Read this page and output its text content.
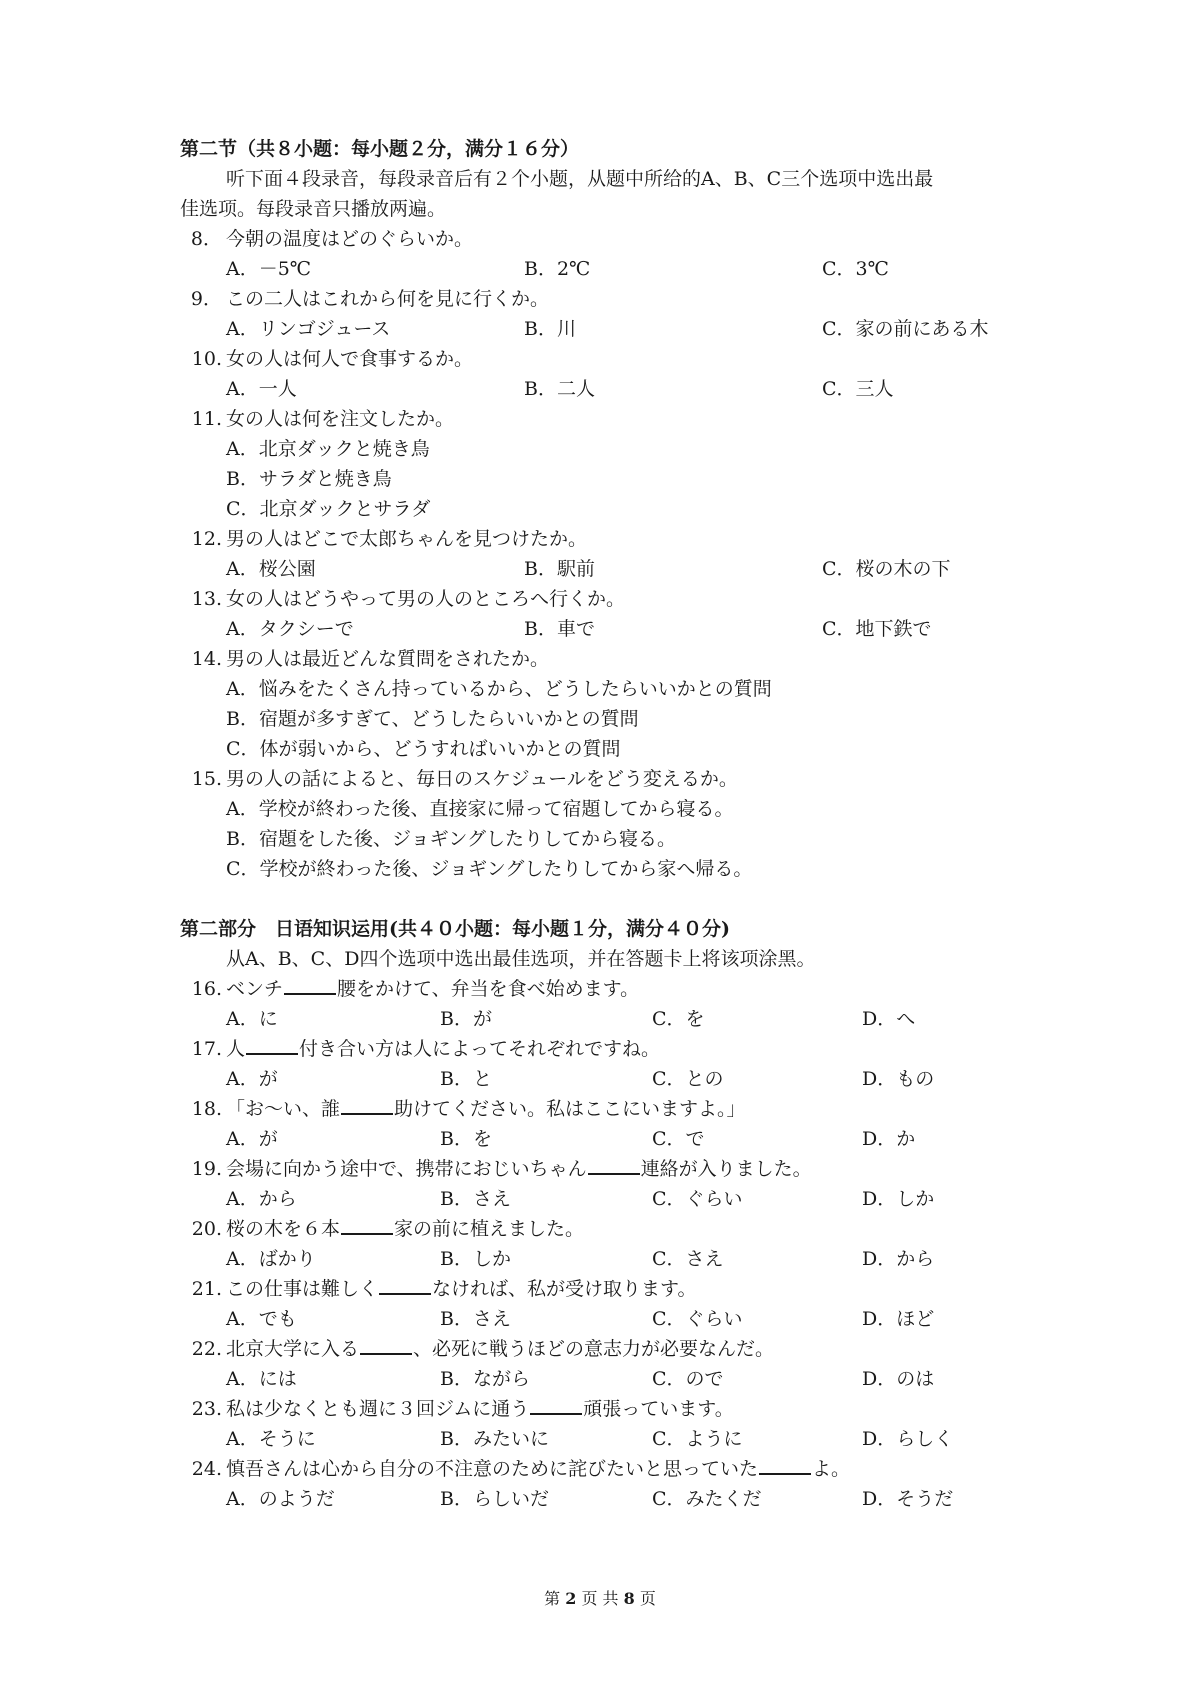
第二节（共８小题：每小题２分，满分１６分）
听下面４段录音，每段录音后有２个小题，从题中所给的A、B、C三个选项中选出最
佳选项。每段录音只播放两遍。
8． 今朝の温度はどのぐらいか。
A．－5℃	B．2℃	C．3℃
9． この二人はこれから何を見に行くか。
A．リンゴジュース	B．川	C．家の前にある木
10. 女の人は何人で食事するか。
A．一人	B．二人	C．三人
11. 女の人は何を注文したか。
A．北京ダックと焼き鳥
B．サラダと焼き鳥
C．北京ダックとサラダ
12. 男の人はどこで太郎ちゃんを見つけたか。
A．桜公園	B．駅前	C．桜の木の下
13. 女の人はどうやって男の人のところへ行くか。
A．タクシーで	B．車で	C．地下鉄で
14. 男の人は最近どんな質問をされたか。
A．悩みをたくさん持っているから、どうしたらいいかとの質問
B．宿題が多すぎて、どうしたらいいかとの質問
C．体が弱いから、どうすればいいかとの質問
15. 男の人の話によると、毎日のスケジュールをどう変えるか。
A．学校が終わった後、直接家に帰って宿題してから寝る。
B．宿題をした後、ジョギングしたりしてから寝る。
C．学校が終わった後、ジョギングしたりしてから家へ帰る。
第二部分　日语知识运用(共４０小题：每小题１分，满分４０分)
从A、B、C、D四个选项中选出最佳选项，并在答题卡上将该项涂黑。
16. ベンチ	腰をかけて、弁当を食べ始めます。
A．に	B．が	C．を	D．へ
17. 人	付き合い方は人によってそれぞれですね。
A．が	B．と	C．との	D．もの
18. 「お～い、誰	助けてください。私はここにいますよ。」
A．が	B．を	C．で	D．か
19. 会場に向かう途中で、携帯におじいちゃん	連絡が入りました。
A．から	B．さえ	C．ぐらい	D．しか
20. 桜の木を６本	家の前に植えました。
A．ばかり	B．しか	C．さえ	D．から
21. この仕事は難しく	なければ、私が受け取ります。
A．でも	B．さえ	C．ぐらい	D．ほど
22. 北京大学に入る	、必死に戦うほどの意志力が必要なんだ。
A．には	B．ながら	C．ので	D．のは
23. 私は少なくとも週に３回ジムに通う	頑張っています。
A．そうに	B．みたいに	C．ように	D．らしく
24. 慎吾さんは心から自分の不注意のために詫びたいと思っていた	よ。
A．のようだ	B．らしいだ	C．みたくだ	D．そうだ
第 2 页 共 8 页
